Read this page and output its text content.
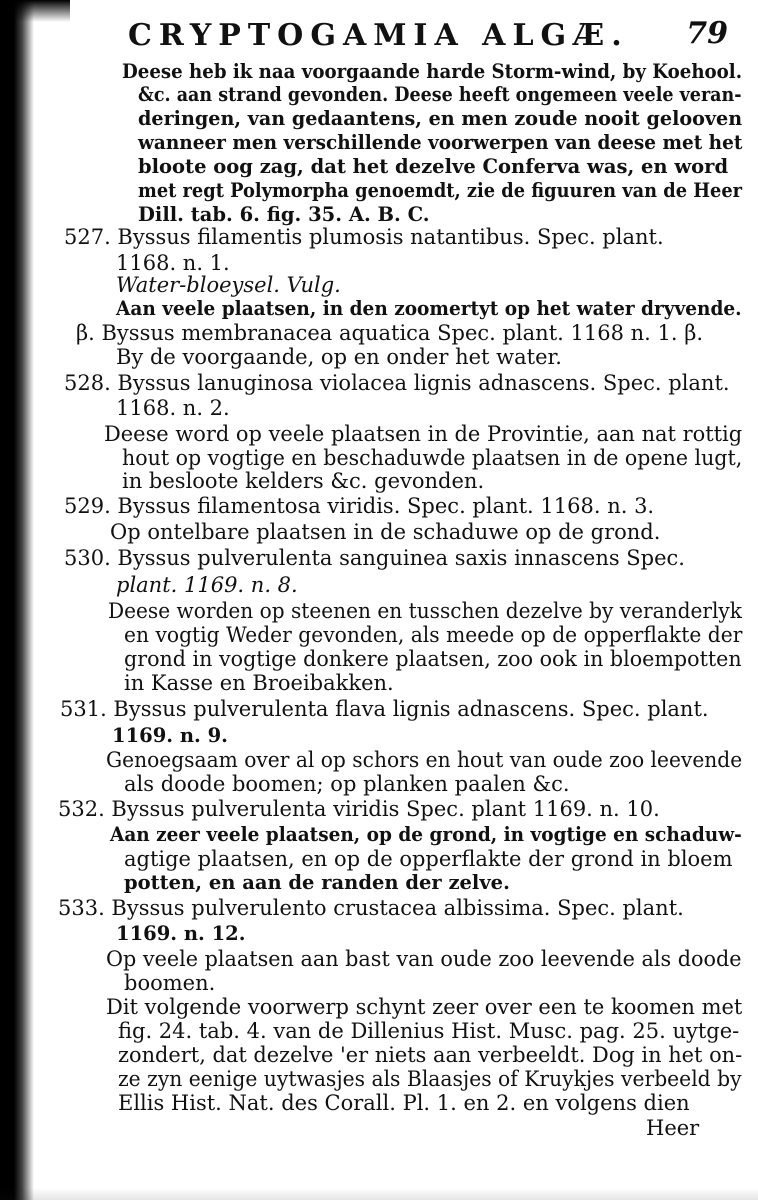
CRYPTOGAMIA ALGÆ. 79
Deese heb ik naa voorgaande harde Storm-wind, by Koehool.
&c. aan strand gevonden. Deese heeft ongemeen veele veran-
deringen, van gedaantens, en men zoude nooit gelooven
wanneer men verschillende voorwerpen van deese met het
bloote oog zag, dat het dezelve Conferva was, en word
met regt Polymorpha genoemdt, zie de figuuren van de Heer
Dill. tab. 6. fig. 35. A. B. C.
527. Byssus filamentis plumosis natantibus. Spec. plant.
1168. n. 1.
Water-bloeysel. Vulg.
Aan veele plaatsen, in den zoomertyt op het water dryvende.
β. Byssus membranacea aquatica Spec. plant. 1168 n. 1. β.
By de voorgaande, op en onder het water.
528. Byssus lanuginosa violacea lignis adnascens. Spec. plant.
1168. n. 2.
Deese word op veele plaatsen in de Provintie, aan nat rottig
hout op vogtige en beschaduwde plaatsen in de opene lugt,
in besloote kelders &c. gevonden.
529. Byssus filamentosa viridis. Spec. plant. 1168. n. 3.
Op ontelbare plaatsen in de schaduwe op de grond.
530. Byssus pulverulenta sanguinea saxis innascens Spec.
plant. 1169. n. 8.
Deese worden op steenen en tusschen dezelve by veranderlyk
en vogtig Weder gevonden, als meede op de opperflakte der
grond in vogtige donkere plaatsen, zoo ook in bloempotten
in Kasse en Broeibakken.
531. Byssus pulverulenta flava lignis adnascens. Spec. plant.
1169. n. 9.
Genoegsaam over al op schors en hout van oude zoo leevende
als doode boomen; op planken paalen &c.
532. Byssus pulverulenta viridis Spec. plant 1169. n. 10.
Aan zeer veele plaatsen, op de grond, in vogtige en schaduw-
agtige plaatsen, en op de opperflakte der grond in bloem
potten, en aan de randen der zelve.
533. Byssus pulverulento crustacea albissima. Spec. plant.
1169. n. 12.
Op veele plaatsen aan bast van oude zoo leevende als doode
boomen.
Dit volgende voorwerp schynt zeer over een te koomen met
fig. 24. tab. 4. van de Dillenius Hist. Musc. pag. 25. uytge-
zondert, dat dezelve 'er niets aan verbeeldt. Dog in het on-
ze zyn eenige uytwasjes als Blaasjes of Kruykjes verbeeld by
Ellis Hist. Nat. des Corall. Pl. 1. en 2. en volgens dien
Heer
